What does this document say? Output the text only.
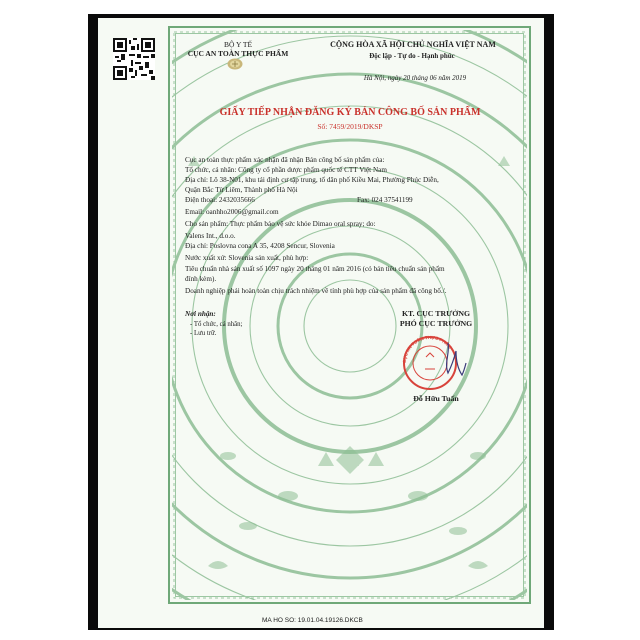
BỘ Y TẾ
CỤC AN TOÀN THỰC PHẨM
CỘNG HÒA XÃ HỘI CHỦ NGHĨA VIỆT NAM
Độc lập - Tự do - Hạnh phúc
Hà Nội, ngày 20 tháng 06 năm 2019
GIẤY TIẾP NHẬN ĐĂNG KÝ BẢN CÔNG BỐ SẢN PHẨM
Số: 7459/2019/DKSP
Cục an toàn thực phẩm xác nhận đã nhận Bản công bố sản phẩm của:
Tổ chức, cá nhân: Công ty cổ phần dược phẩm quốc tế CTT Việt Nam
Địa chỉ: Lô 38-N01, khu tái định cư tập trung, tổ dân phố Kiều Mai, Phường Phúc Diễn,
Quận Bắc Từ Liêm, Thành phố Hà Nội
Điện thoại: 2432035666	Fax: 024 37541199
Email: oanhho2006@gmail.com
Cho sản phẩm: Thực phẩm bảo vệ sức khỏe Dimao oral spray; do:
Valens Int., d.o.o.
Địa chỉ: Poslovna cona A 35, 4208 Sencur, Slovenia
Nước xuất xứ: Slovenia sản xuất, phù hợp:
Tiêu chuẩn nhà sản xuất số 1097 ngày 20 tháng 01 năm 2016 (có bản tiêu chuẩn sản phẩm
đính kèm).
Doanh nghiệp phải hoàn toàn chịu trách nhiệm về tính phù hợp của sản phẩm đã công bố./.
Nơi nhận:
- Tổ chức, cá nhân;
- Lưu trữ.
KT. CỤC TRƯỞNG
PHÓ CỤC TRƯỞNG
CỤC AN TOÀN THỰC PHẨM
Đỗ Hữu Tuấn
MA HO SO: 19.01.04.19126.DKCB
